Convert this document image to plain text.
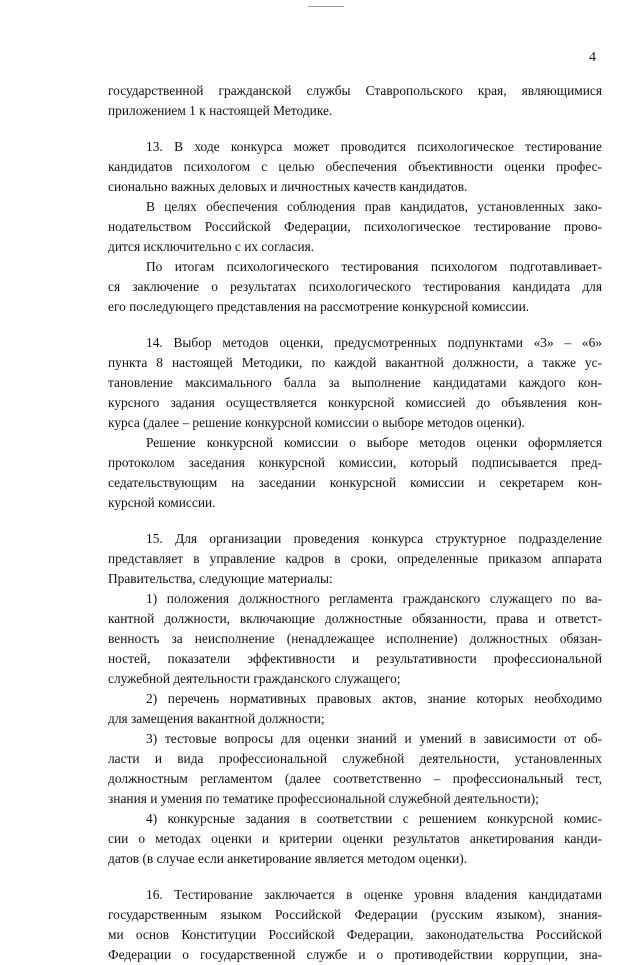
4
государственной гражданской службы Ставропольского края, являющимися
приложением 1 к настоящей Методике.
13. В ходе конкурса может проводится психологическое тестирование
кандидатов психологом с целью обеспечения объективности оценки профес-
сионально важных деловых и личностных качеств кандидатов.
В целях обеспечения соблюдения прав кандидатов, установленных зако-
нодательством Российской Федерации, психологическое тестирование прово-
дится исключительно с их согласия.
По итогам психологического тестирования психологом подготавливает-
ся заключение о результатах психологического тестирования кандидата для
его последующего представления на рассмотрение конкурсной комиссии.
14. Выбор методов оценки, предусмотренных подпунктами «3» – «6»
пункта 8 настоящей Методики, по каждой вакантной должности, а также ус-
тановление максимального балла за выполнение кандидатами каждого кон-
курсного задания осуществляется конкурсной комиссией до объявления кон-
курса (далее – решение конкурсной комиссии о выборе методов оценки).
Решение конкурсной комиссии о выборе методов оценки оформляется
протоколом заседания конкурсной комиссии, который подписывается пред-
седательствующим на заседании конкурсной комиссии и секретарем кон-
курсной комиссии.
15. Для организации проведения конкурса структурное подразделение
представляет в управление кадров в сроки, определенные приказом аппарата
Правительства, следующие материалы:
1) положения должностного регламента гражданского служащего по ва-
кантной должности, включающие должностные обязанности, права и ответст-
венность за неисполнение (ненадлежащее исполнение) должностных обязан-
ностей, показатели эффективности и результативности профессиональной
служебной деятельности гражданского служащего;
2) перечень нормативных правовых актов, знание которых необходимо
для замещения вакантной должности;
3) тестовые вопросы для оценки знаний и умений в зависимости от об-
ласти и вида профессиональной служебной деятельности, установленных
должностным регламентом (далее соответственно – профессиональный тест,
знания и умения по тематике профессиональной служебной деятельности);
4) конкурсные задания в соответствии с решением конкурсной комис-
сии о методах оценки и критерии оценки результатов анкетирования канди-
датов (в случае если анкетирование является методом оценки).
16. Тестирование заключается в оценке уровня владения кандидатами
государственным языком Российской Федерации (русским языком), знания-
ми основ Конституции Российской Федерации, законодательства Российской
Федерации о государственной службе и о противодействии коррупции, зна-
